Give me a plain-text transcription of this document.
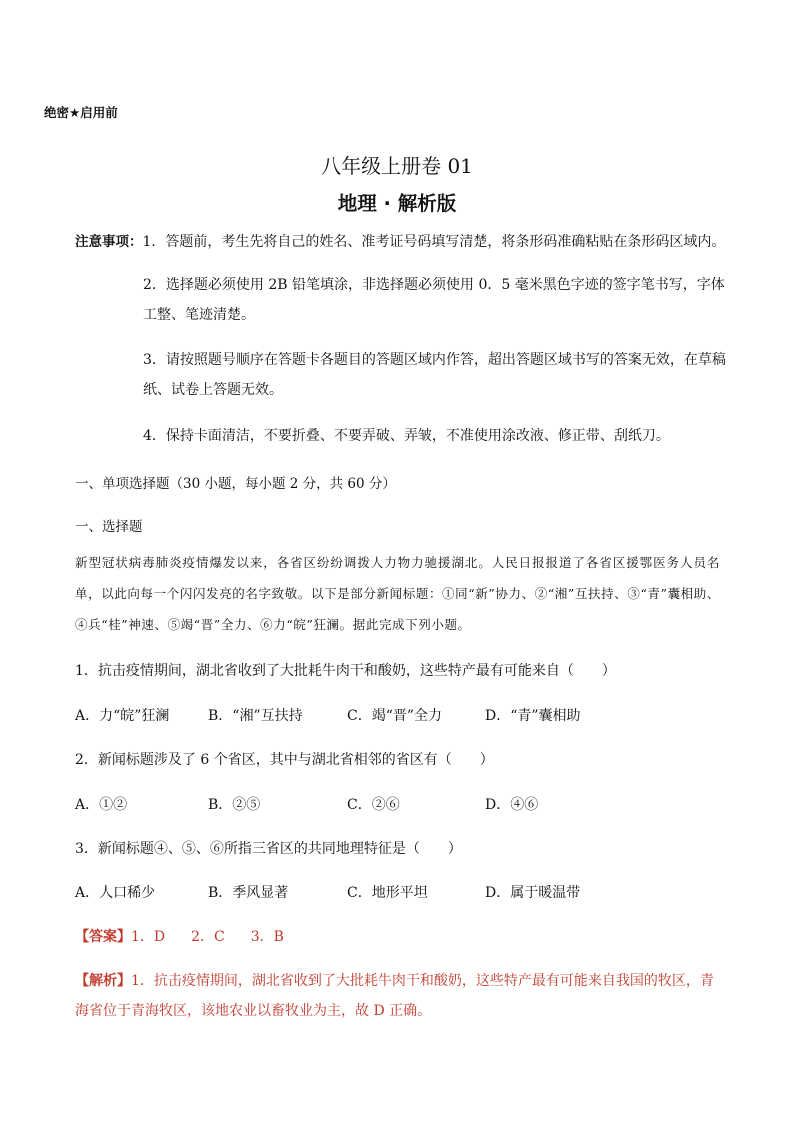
绝密★启用前
八年级上册卷 01
地理 · 解析版
注意事项：1．答题前，考生先将自己的姓名、准考证号码填写清楚，将条形码准确粘贴在条形码区域内。
2．选择题必须使用 2B 铅笔填涂，非选择题必须使用 0．5 毫米黑色字迹的签字笔书写，字体工整、笔迹清楚。
3．请按照题号顺序在答题卡各题目的答题区域内作答，超出答题区域书写的答案无效，在草稿纸、试卷上答题无效。
4．保持卡面清洁，不要折叠、不要弄破、弄皱，不准使用涂改液、修正带、刮纸刀。
一、单项选择题（30 小题，每小题 2 分，共 60 分）
一、选择题
新型冠状病毒肺炎疫情爆发以来，各省区纷纷调拨人力物力驰援湖北。人民日报报道了各省区援鄂医务人员名单，以此向每一个闪闪发亮的名字致敬。以下是部分新闻标题：①同“新”协力、②“湘”互扶持、③“青”囊相助、④兵“桂”神速、⑤竭“晋”全力、⑥力“皖”狂澜。据此完成下列小题。
1．抗击疫情期间，湖北省收到了大批耗牛肉干和酸奶，这些特产最有可能来自（　　）
A．力“皖”狂澜	B．“湘”互扶持	C．竭“晋”全力	D．“青”囊相助
2．新闻标题涉及了 6 个省区，其中与湖北省相邻的省区有（　　）
A．①②	B．②⑤	C．②⑥	D．④⑥
3．新闻标题④、⑤、⑥所指三省区的共同地理特征是（　　）
A．人口稀少	B．季风显著	C．地形平坦	D．属于暖温带
【答案】1．D 2．C 3．B
【解析】1．抗击疫情期间，湖北省收到了大批耗牛肉干和酸奶，这些特产最有可能来自我国的牧区，青海省位于青海牧区，该地农业以畜牧业为主，故 D 正确。
